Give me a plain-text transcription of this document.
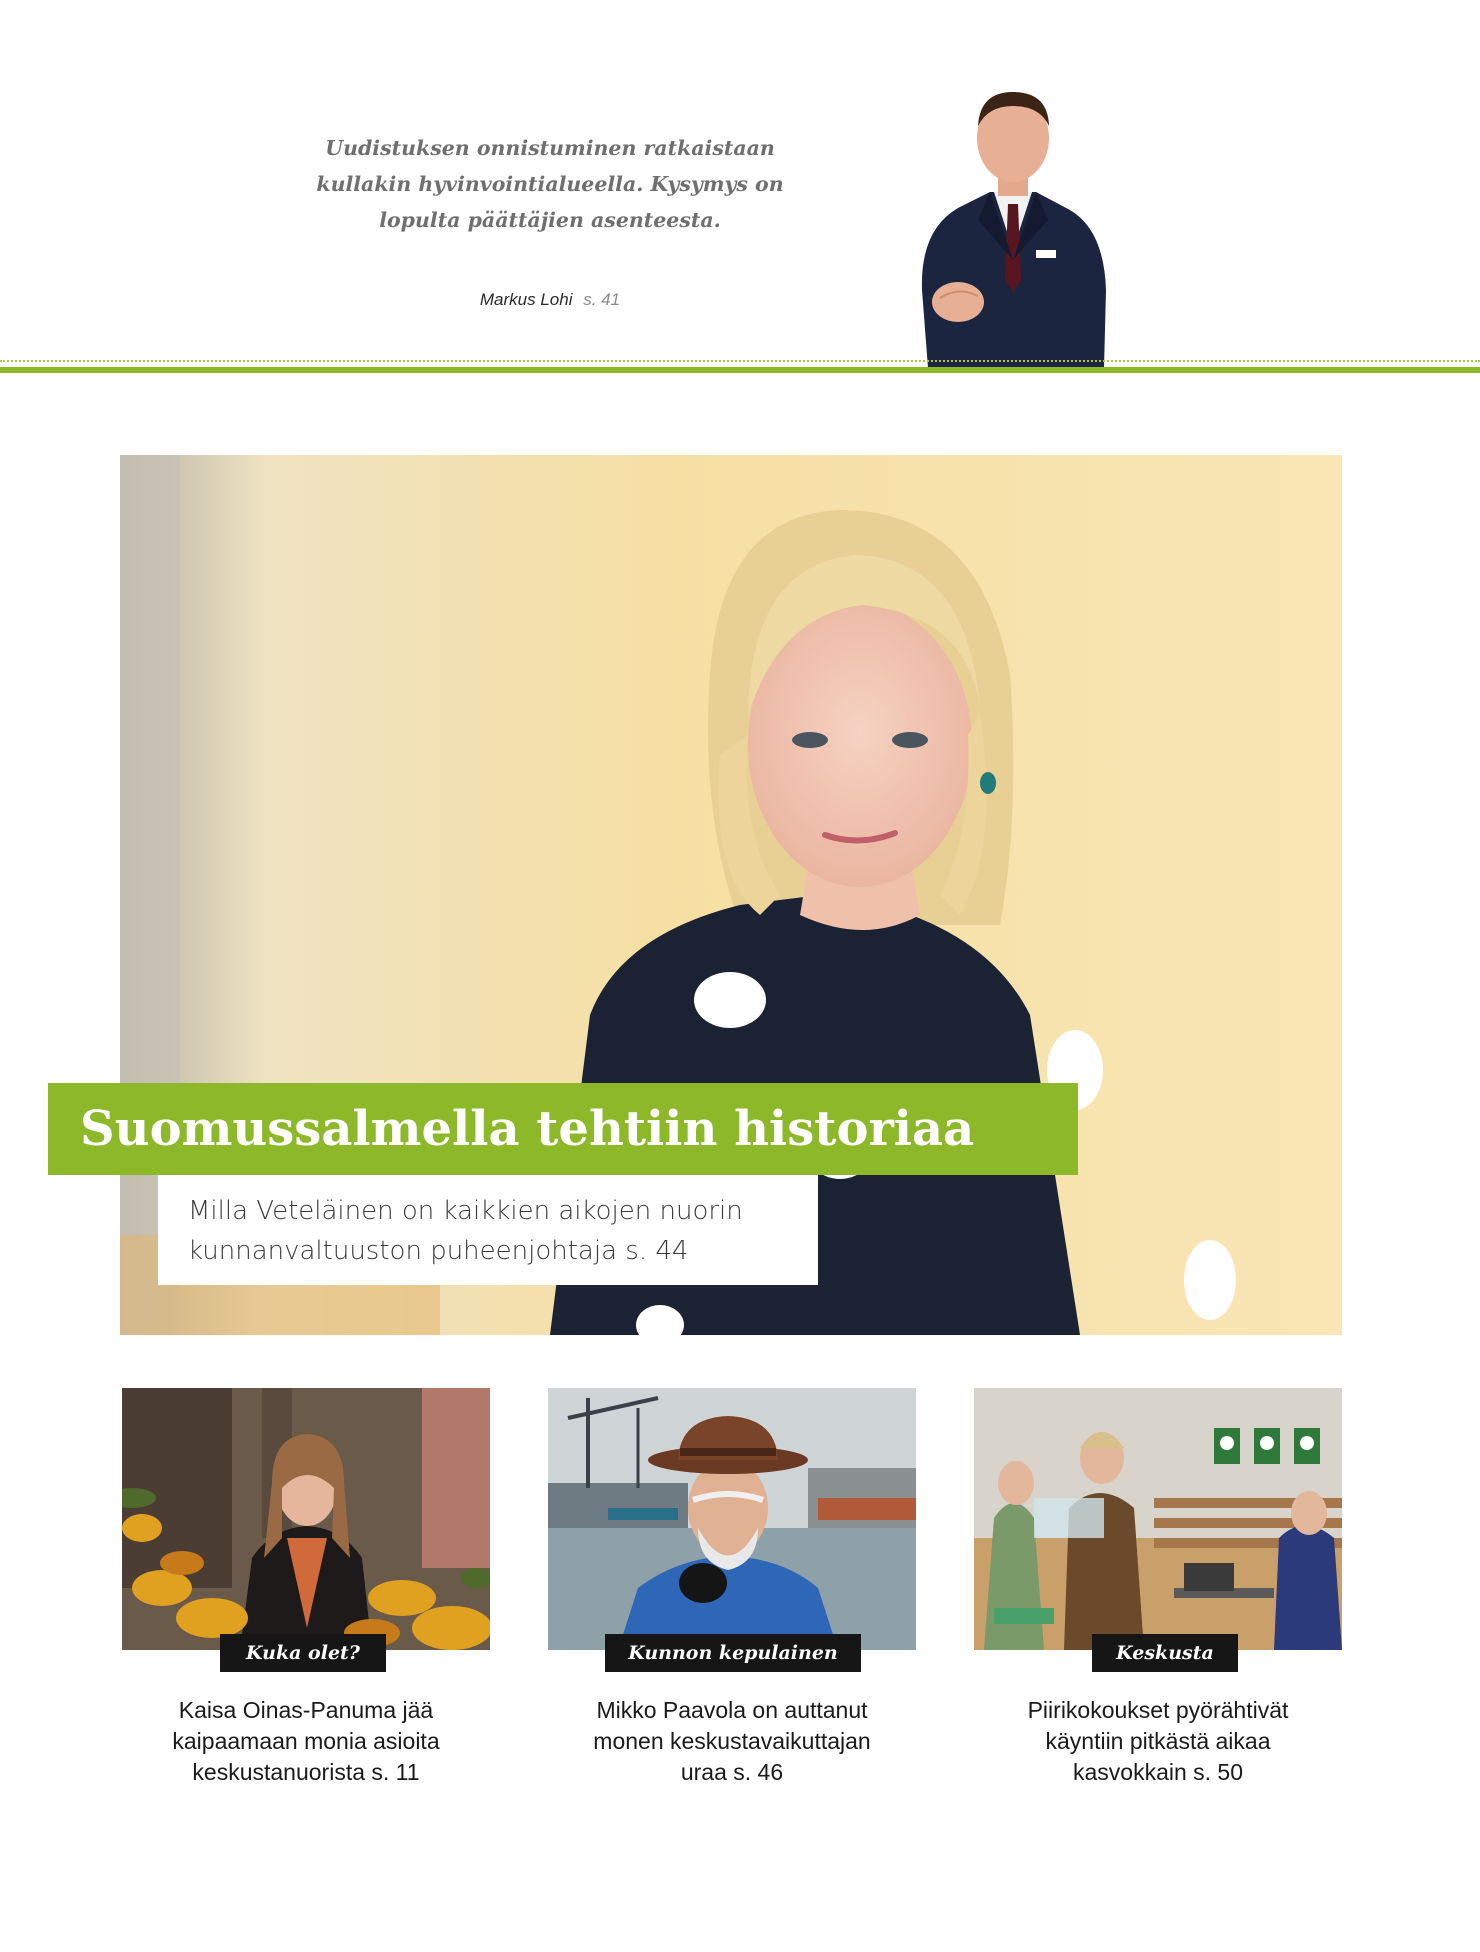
Uudistuksen onnistuminen ratkaistaan
kullakin hyvinvointialueella. Kysymys on
lopulta päättäjien asenteesta.
Markus Lohi s. 41
Suomussalmella tehtiin historiaa
Milla Veteläinen on kaikkien aikojen nuorin
kunnanvaltuuston puheenjohtaja s. 44
Kuka olet?
Kaisa Oinas-Panuma jää
kaipaamaan monia asioita
keskustanuorista s. 11
Kunnon kepulainen
Mikko Paavola on auttanut
monen keskustavaikuttajan
uraa s. 46
Keskusta
Piirikokoukset pyörähtivät
käyntiin pitkästä aikaa
kasvokkain s. 50
